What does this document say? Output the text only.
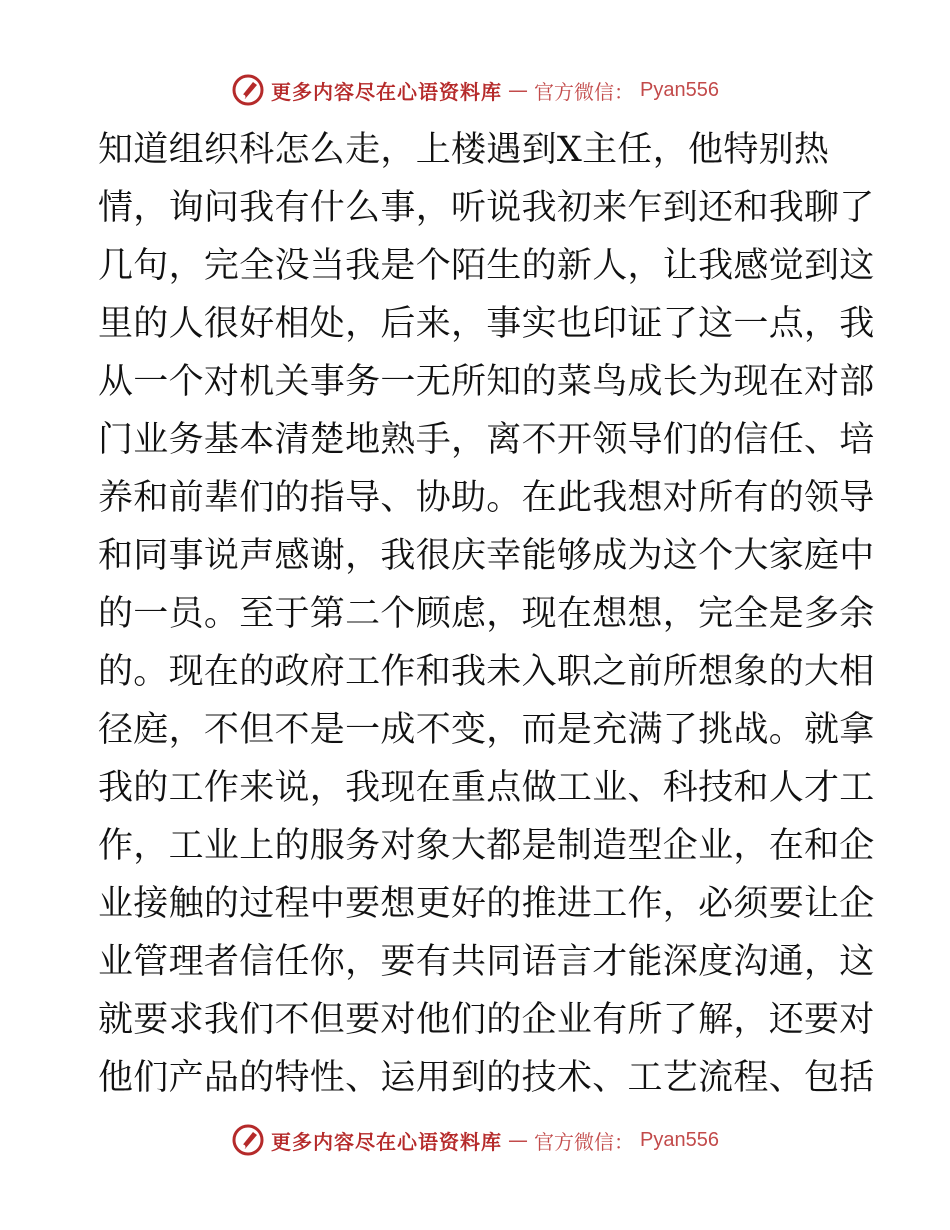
更多内容尽在心语资料库 — 官方微信： Pyan556
知道组织科怎么走，上楼遇到X主任，他特别热
情，询问我有什么事，听说我初来乍到还和我聊了
几句，完全没当我是个陌生的新人，让我感觉到这
里的人很好相处，后来，事实也印证了这一点，我
从一个对机关事务一无所知的菜鸟成长为现在对部
门业务基本清楚地熟手，离不开领导们的信任、培
养和前辈们的指导、协助。在此我想对所有的领导
和同事说声感谢，我很庆幸能够成为这个大家庭中
的一员。至于第二个顾虑，现在想想，完全是多余
的。现在的政府工作和我未入职之前所想象的大相
径庭，不但不是一成不变，而是充满了挑战。就拿
我的工作来说，我现在重点做工业、科技和人才工
作，工业上的服务对象大都是制造型企业，在和企
业接触的过程中要想更好的推进工作，必须要让企
业管理者信任你，要有共同语言才能深度沟通，这
就要求我们不但要对他们的企业有所了解，还要对
他们产品的特性、运用到的技术、工艺流程、包括
更多内容尽在心语资料库 — 官方微信： Pyan556
